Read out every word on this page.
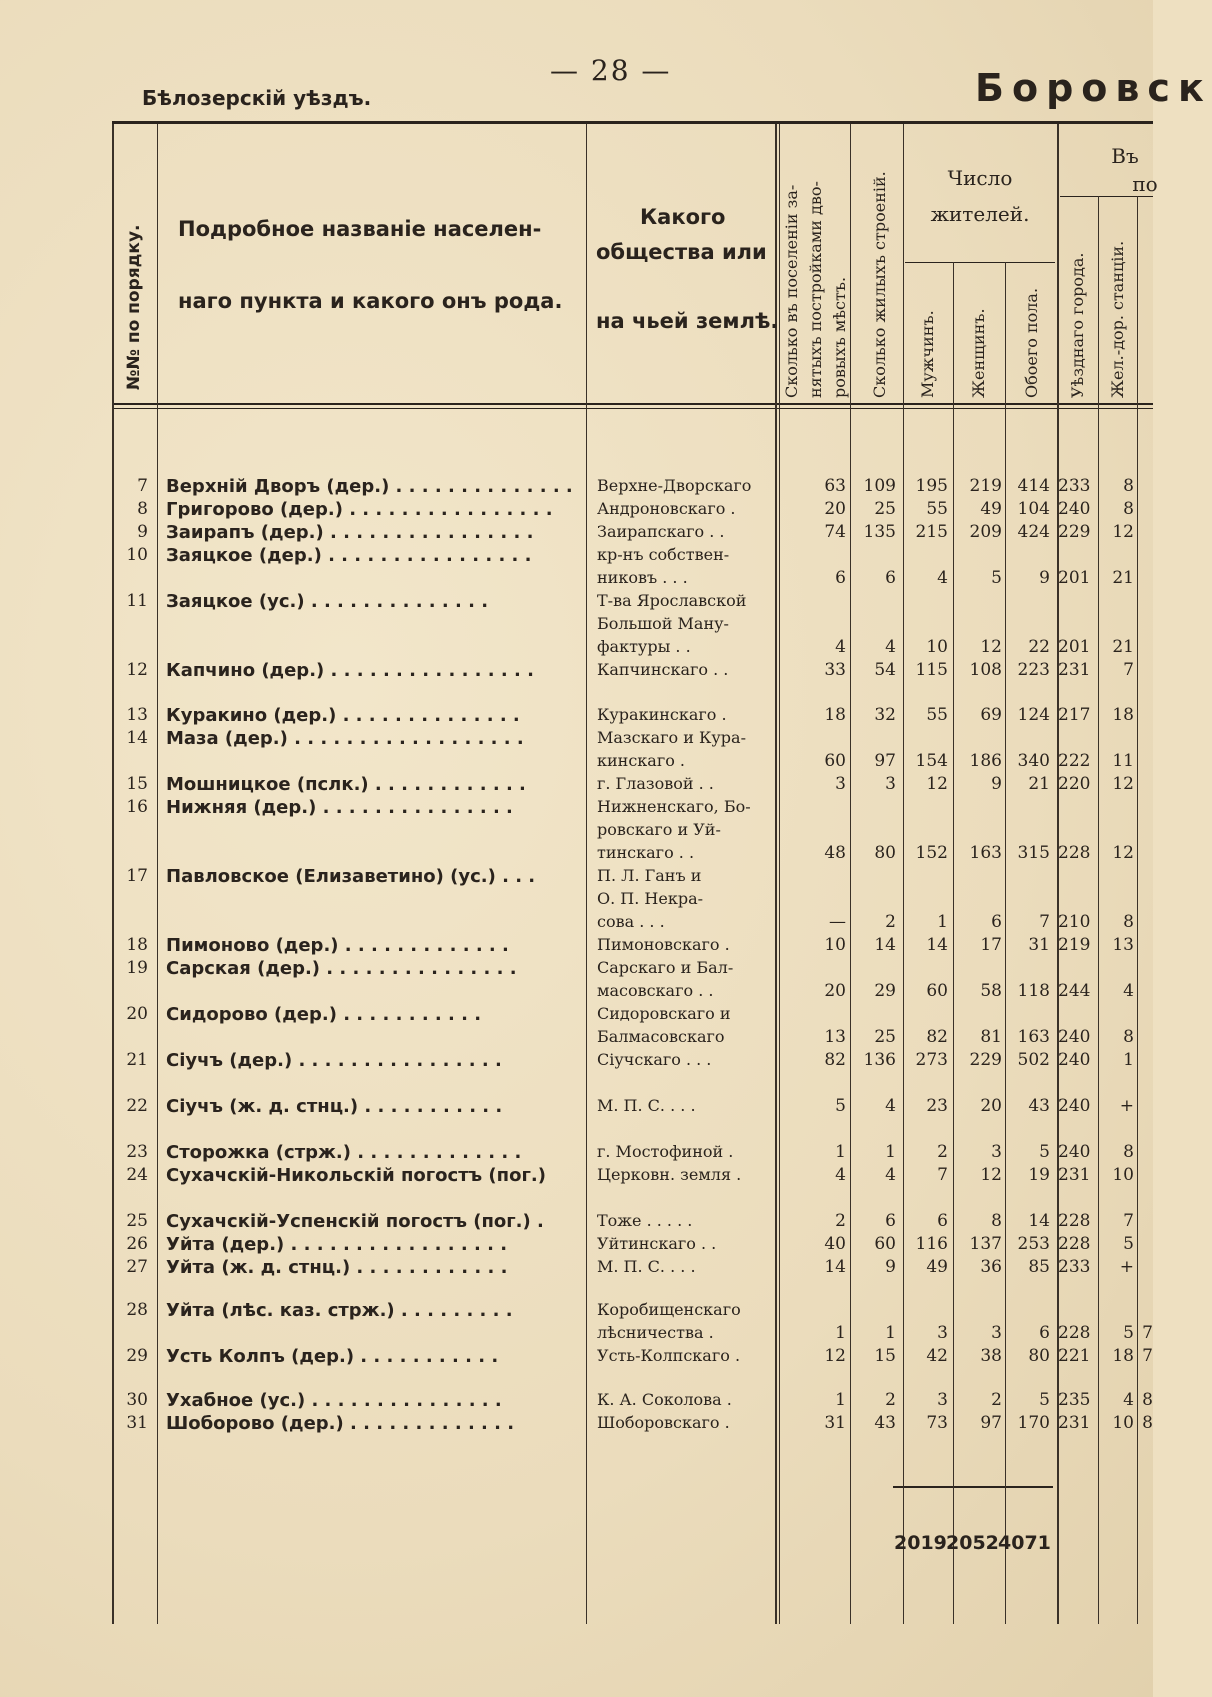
— 28 —
Бѣлозерскій уѣздъ.	Боровск
№№ по порядку. Подробное названіе населен-
наго пункта и какого онъ рода.
Какого
общества или
на чьей землѣ. Сколько въ поселеніи за- нятыхъ постройками дво- ровыхъ мѣстъ. Сколько жилыхъ строеній.	Число
жителей.
Мужчинъ. Женщинъ. Обоего пола.
Въ
по
Уѣзднаго города. Жел.-дор. станціи.
7 Верхній Дворъ (дер.) . . . . . . . . . . . . . . Верхне-Дворскаго	63	109	195	219 414 233	8
8 Григорово (дер.) . . . . . . . . . . . . . . . .	Андроновскаго .	20	25	55	49 104 240	8
9 Заирапъ (дер.) . . . . . . . . . . . . . . . .	Заирапскаго . .	74	135	215	209 424 229	12
10 Заяцкое (дер.) . . . . . . . . . . . . . . . .	кр-нъ собствен-
никовъ . . .	6	6	4	5	9 201	21
11 Заяцкое (ус.) . . . . . . . . . . . . . .	Т-ва Ярославской
Большой Ману-
фактуры . .	4	4	10	12	22 201	21
12 Капчино (дер.) . . . . . . . . . . . . . . . .	Капчинскаго . .	33	54	115	108 223 231	7
13 Куракино (дер.) . . . . . . . . . . . . . .	Куракинскаго .	18	32	55	69 124 217	18
14 Маза (дер.) . . . . . . . . . . . . . . . . . .	Мазскаго и Кура-
кинскаго .	60	97	154	186 340 222	11
15 Мошницкое (пслк.) . . . . . . . . . . . .	г. Глазовой . .	3	3	12	9	21 220	12
16 Нижняя (дер.) . . . . . . . . . . . . . . .	Нижненскаго, Бо-
ровскаго и Уй-
тинскаго . .	48	80	152	163 315 228	12
17 Павловское (Елизаветино) (ус.) . . .	П. Л. Ганъ и
О. П. Некра-
сова . . .	—	2	1	6	7 210	8
18 Пимоново (дер.) . . . . . . . . . . . . .	Пимоновскаго .	10	14	14	17	31 219	13
19 Сарская (дер.) . . . . . . . . . . . . . . .	Сарскаго и Бал-
масовскаго . .	20	29	60	58 118 244	4
20 Сидорово (дер.) . . . . . . . . . . .	Сидоровскаго и
Балмасовскаго	13	25	82	81 163 240	8
21 Сіучъ (дер.) . . . . . . . . . . . . . . . .	Сіучскаго . . .	82	136	273	229 502 240	1
22 Сіучъ (ж. д. стнц.) . . . . . . . . . . .	М. П. С. . . .	5	4	23	20	43 240	+
23 Сторожка (стрж.) . . . . . . . . . . . . .	г. Мостофиной .	1	1	2	3	5 240	8
24 Сухачскій-Никольскій погостъ (пог.)	Церковн. земля .	4	4	7	12	19 231	10
25 Сухачскій-Успенскій погостъ (пог.) .	Тоже . . . . .	2	6	6	8	14 228	7
26 Уйта (дер.) . . . . . . . . . . . . . . . . .	Уйтинскаго . .	40	60	116	137 253 228	5
27 Уйта (ж. д. стнц.) . . . . . . . . . . . .	М. П. С. . . .	14	9	49	36	85 233	+
28 Уйта (лѣс. каз. стрж.) . . . . . . . . .	Коробищенскаго
лѣсничества .	1	1	3	3	6 228	5 7
29 Усть Колпъ (дер.) . . . . . . . . . . .	Усть-Колпскаго .	12	15	42	38	80 221	18 7
30 Ухабное (ус.) . . . . . . . . . . . . . . .	К. А. Соколова .	1	2	3	2	5 235	4 8
31 Шоборово (дер.) . . . . . . . . . . . . .	Шоборовскаго .	31	43	73	97 170 231	10 8
2019 2052 4071
